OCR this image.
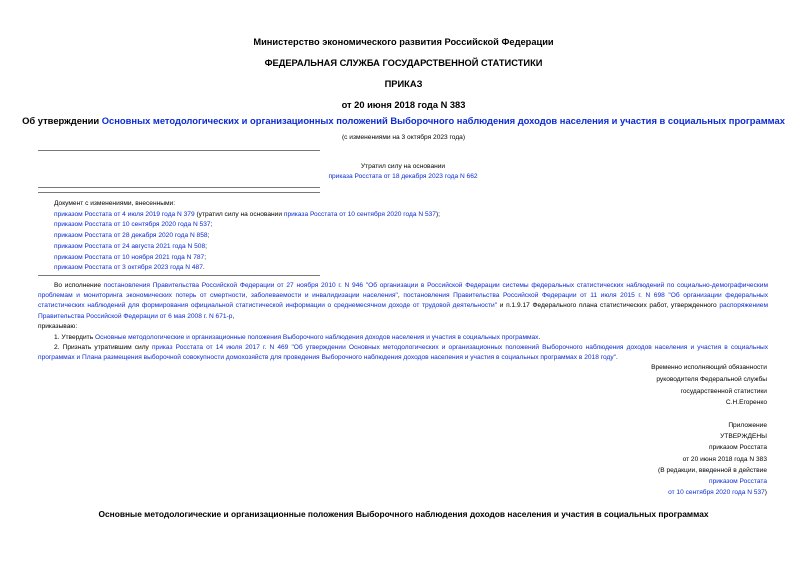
Министерство экономического развития Российской Федерации
ФЕДЕРАЛЬНАЯ СЛУЖБА ГОСУДАРСТВЕННОЙ СТАТИСТИКИ
ПРИКАЗ
от 20 июня 2018 года N 383
Об утверждении Основных методологических и организационных положений Выборочного наблюдения доходов населения и участия в социальных программах
(с изменениями на 3 октября 2023 года)
Утратил силу на основании
приказа Росстата от 18 декабря 2023 года N 662
Документ с изменениями, внесенными:
приказом Росстата от 4 июля 2019 года N 379 (утратил силу на основании приказа Росстата от 10 сентября 2020 года N 537);
приказом Росстата от 10 сентября 2020 года N 537;
приказом Росстата от 28 декабря 2020 года N 858;
приказом Росстата от 24 августа 2021 года N 508;
приказом Росстата от 10 ноября 2021 года N 787;
приказом Росстата от 3 октября 2023 года N 487.
Во исполнение постановления Правительства Российской Федерации от 27 ноября 2010 г. N 946 "Об организации в Российской Федерации системы федеральных статистических наблюдений по социально-демографическим проблемам и мониторинга экономических потерь от смертности, заболеваемости и инвалидизации населения", постановления Правительства Российской Федерации от 11 июля 2015 г. N 698 "Об организации федеральных статистических наблюдений для формирования официальной статистической информации о среднемесячном доходе от трудовой деятельности" и п.1.9.17 Федерального плана статистических работ, утвержденного распоряжением Правительства Российской Федерации от 6 мая 2008 г. N 671-р,
приказываю:
1. Утвердить Основные методологические и организационные положения Выборочного наблюдения доходов населения и участия в социальных программах.
2. Признать утратившим силу приказ Росстата от 14 июля 2017 г. N 469 "Об утверждении Основных методологических и организационных положений Выборочного наблюдения доходов населения и участия в социальных программах и Плана размещения выборочной совокупности домохозяйств для проведения Выборочного наблюдения доходов населения и участия в социальных программах в 2018 году".
Временно исполняющий обязанности
руководителя Федеральной службы
государственной статистики
С.Н.Егоренко
Приложение
УТВЕРЖДЕНЫ
приказом Росстата
от 20 июня 2018 года N 383
(В редакции, введенной в действие
приказом Росстата
от 10 сентября 2020 года N 537)
Основные методологические и организационные положения Выборочного наблюдения доходов населения и участия в социальных программах
